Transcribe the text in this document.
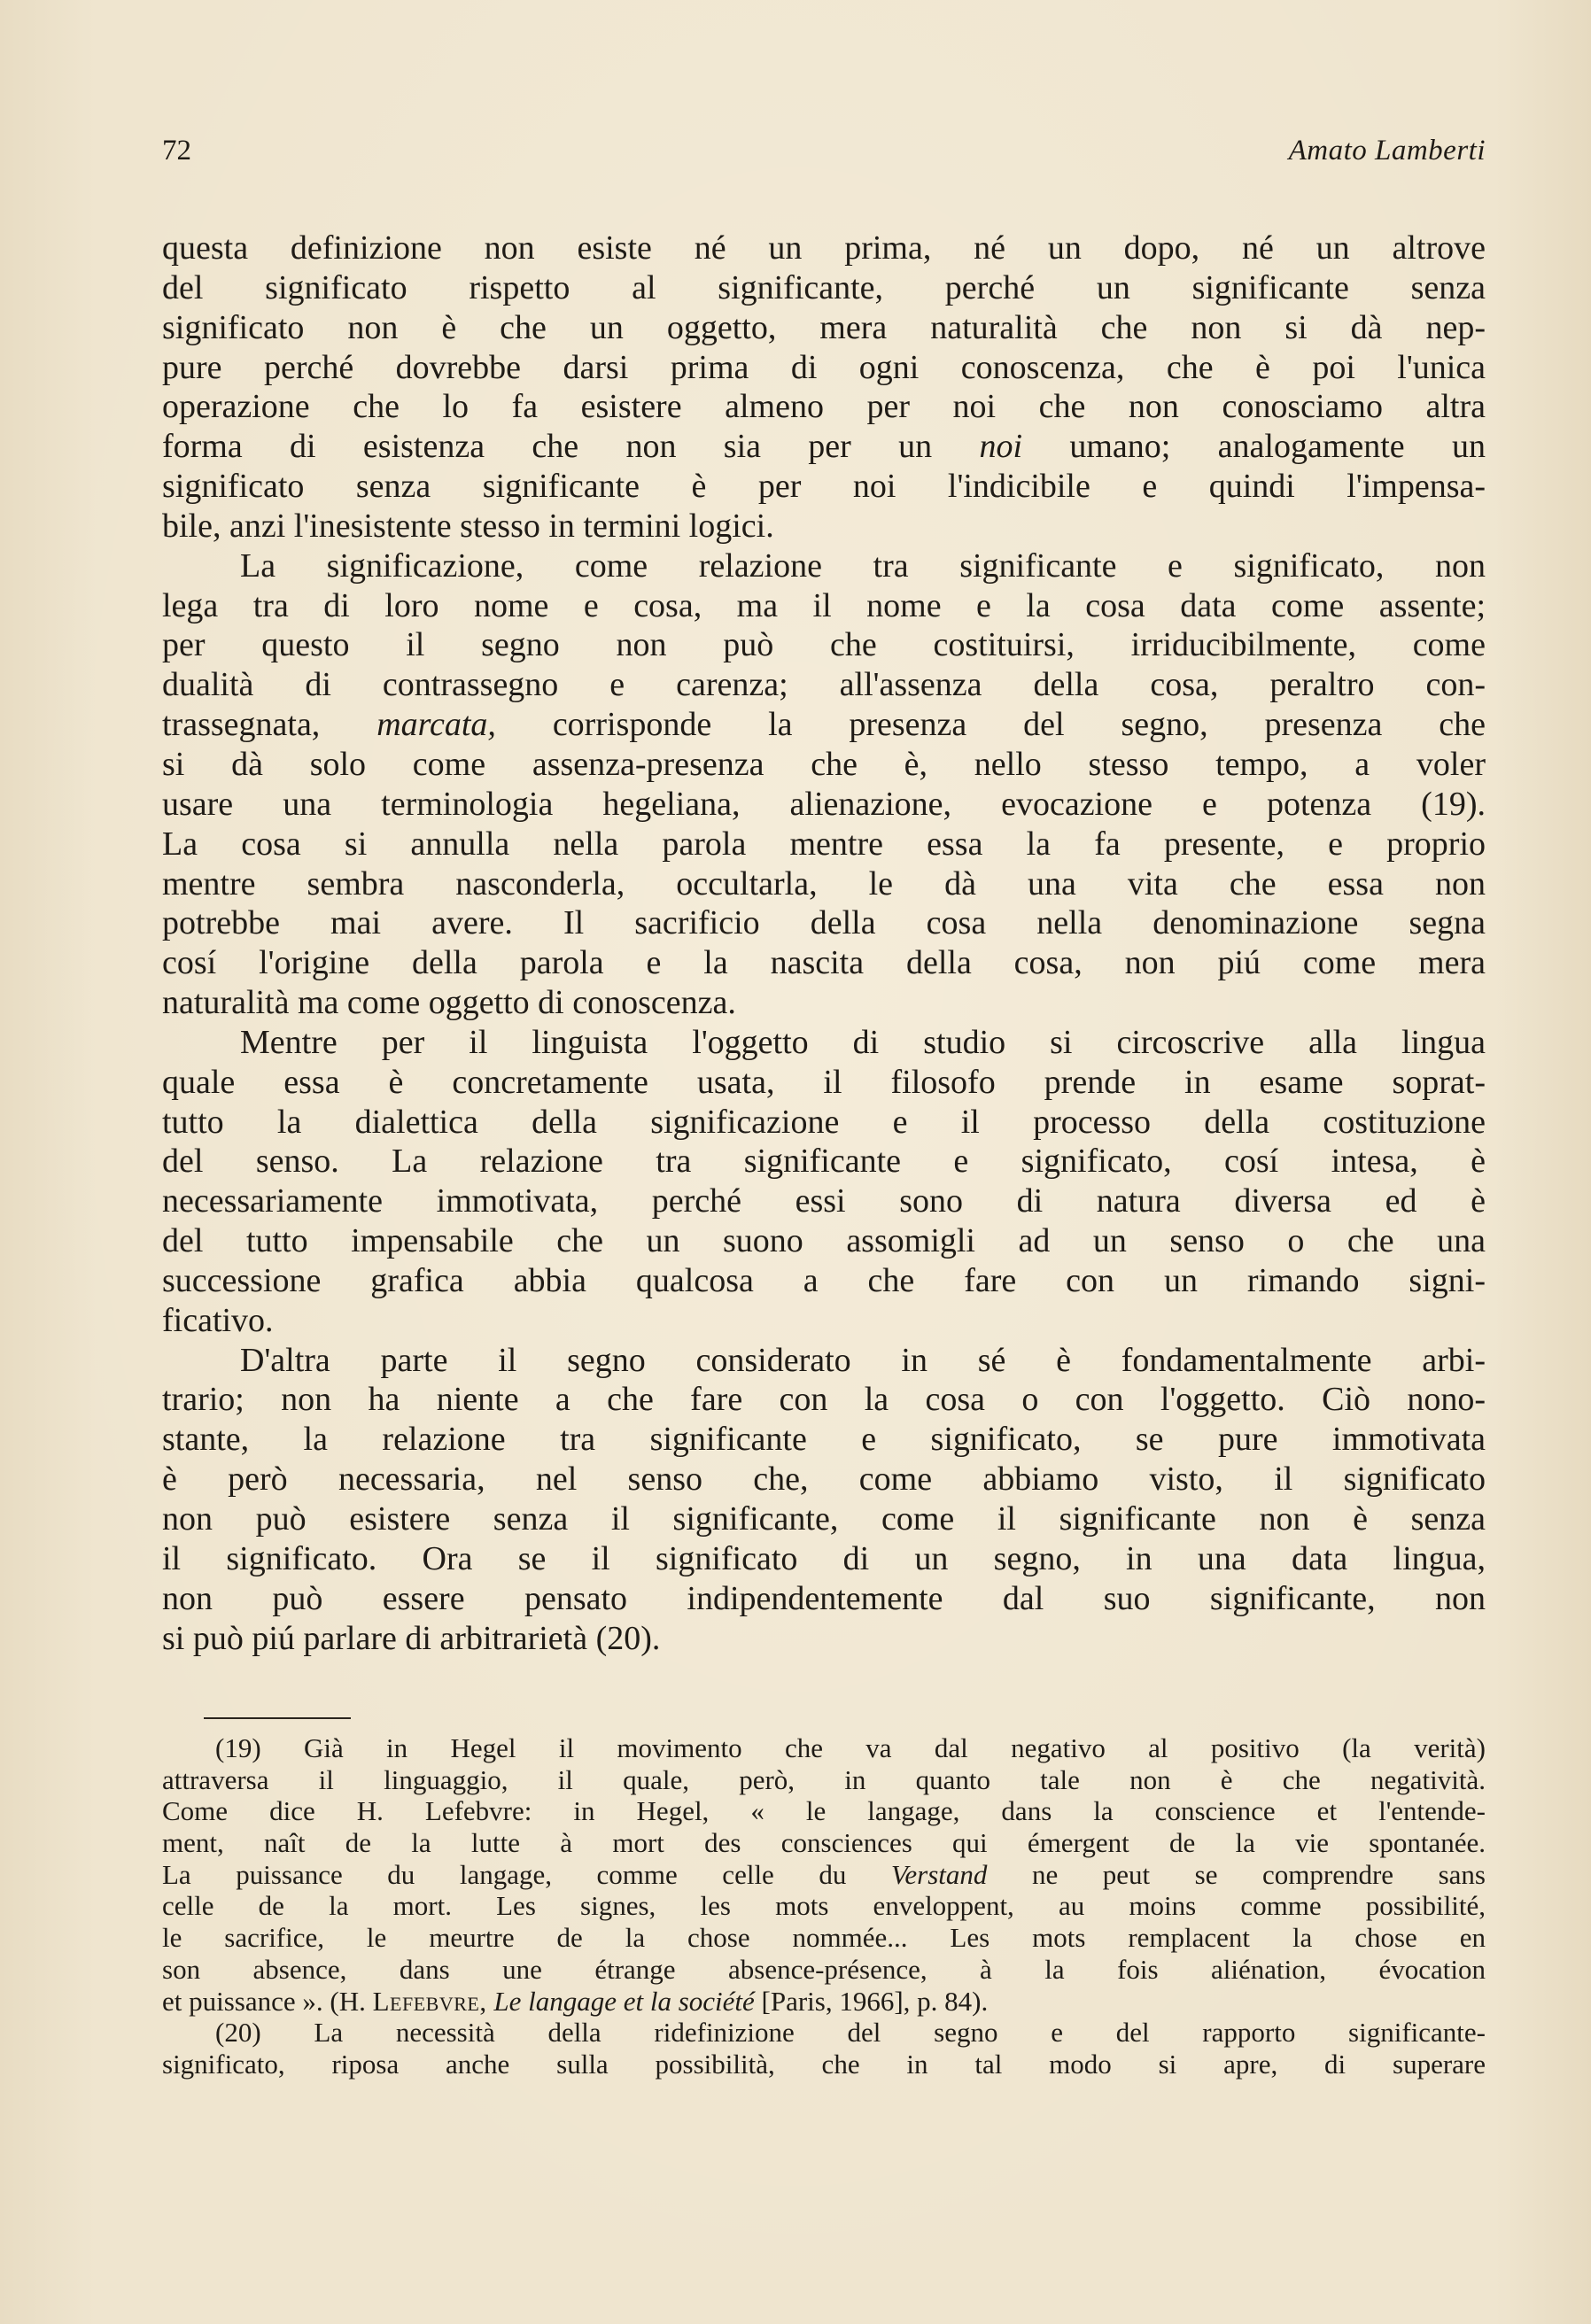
72	Amato Lamberti
questa definizione non esiste né un prima, né un dopo, né un altrove
del significato rispetto al significante, perché un significante senza
significato non è che un oggetto, mera naturalità che non si dà nep-
pure perché dovrebbe darsi prima di ogni conoscenza, che è poi l'unica
operazione che lo fa esistere almeno per noi che non conosciamo altra
forma di esistenza che non sia per un noi umano; analogamente un
significato senza significante è per noi l'indicibile e quindi l'impensa-
bile, anzi l'inesistente stesso in termini logici.
La significazione, come relazione tra significante e significato, non
lega tra di loro nome e cosa, ma il nome e la cosa data come assente;
per questo il segno non può che costituirsi, irriducibilmente, come
dualità di contrassegno e carenza; all'assenza della cosa, peraltro con-
trassegnata, marcata, corrisponde la presenza del segno, presenza che
si dà solo come assenza-presenza che è, nello stesso tempo, a voler
usare una terminologia hegeliana, alienazione, evocazione e potenza (19).
La cosa si annulla nella parola mentre essa la fa presente, e proprio
mentre sembra nasconderla, occultarla, le dà una vita che essa non
potrebbe mai avere. Il sacrificio della cosa nella denominazione segna
cosí l'origine della parola e la nascita della cosa, non piú come mera
naturalità ma come oggetto di conoscenza.
Mentre per il linguista l'oggetto di studio si circoscrive alla lingua
quale essa è concretamente usata, il filosofo prende in esame soprat-
tutto la dialettica della significazione e il processo della costituzione
del senso. La relazione tra significante e significato, cosí intesa, è
necessariamente immotivata, perché essi sono di natura diversa ed è
del tutto impensabile che un suono assomigli ad un senso o che una
successione grafica abbia qualcosa a che fare con un rimando signi-
ficativo.
D'altra parte il segno considerato in sé è fondamentalmente arbi-
trario; non ha niente a che fare con la cosa o con l'oggetto. Ciò nono-
stante, la relazione tra significante e significato, se pure immotivata
è però necessaria, nel senso che, come abbiamo visto, il significato
non può esistere senza il significante, come il significante non è senza
il significato. Ora se il significato di un segno, in una data lingua,
non può essere pensato indipendentemente dal suo significante, non
si può piú parlare di arbitrarietà (20).
(19) Già in Hegel il movimento che va dal negativo al positivo (la verità)
attraversa il linguaggio, il quale, però, in quanto tale non è che negatività.
Come dice H. Lefebvre: in Hegel, « le langage, dans la conscience et l'entende-
ment, naît de la lutte à mort des consciences qui émergent de la vie spontanée.
La puissance du langage, comme celle du Verstand ne peut se comprendre sans
celle de la mort. Les signes, les mots enveloppent, au moins comme possibilité,
le sacrifice, le meurtre de la chose nommée... Les mots remplacent la chose en
son absence, dans une étrange absence-présence, à la fois aliénation, évocation
et puissance ». (H. Lefebvre, Le langage et la société [Paris, 1966], p. 84).
(20) La necessità della ridefinizione del segno e del rapporto significante-
significato, riposa anche sulla possibilità, che in tal modo si apre, di superare
